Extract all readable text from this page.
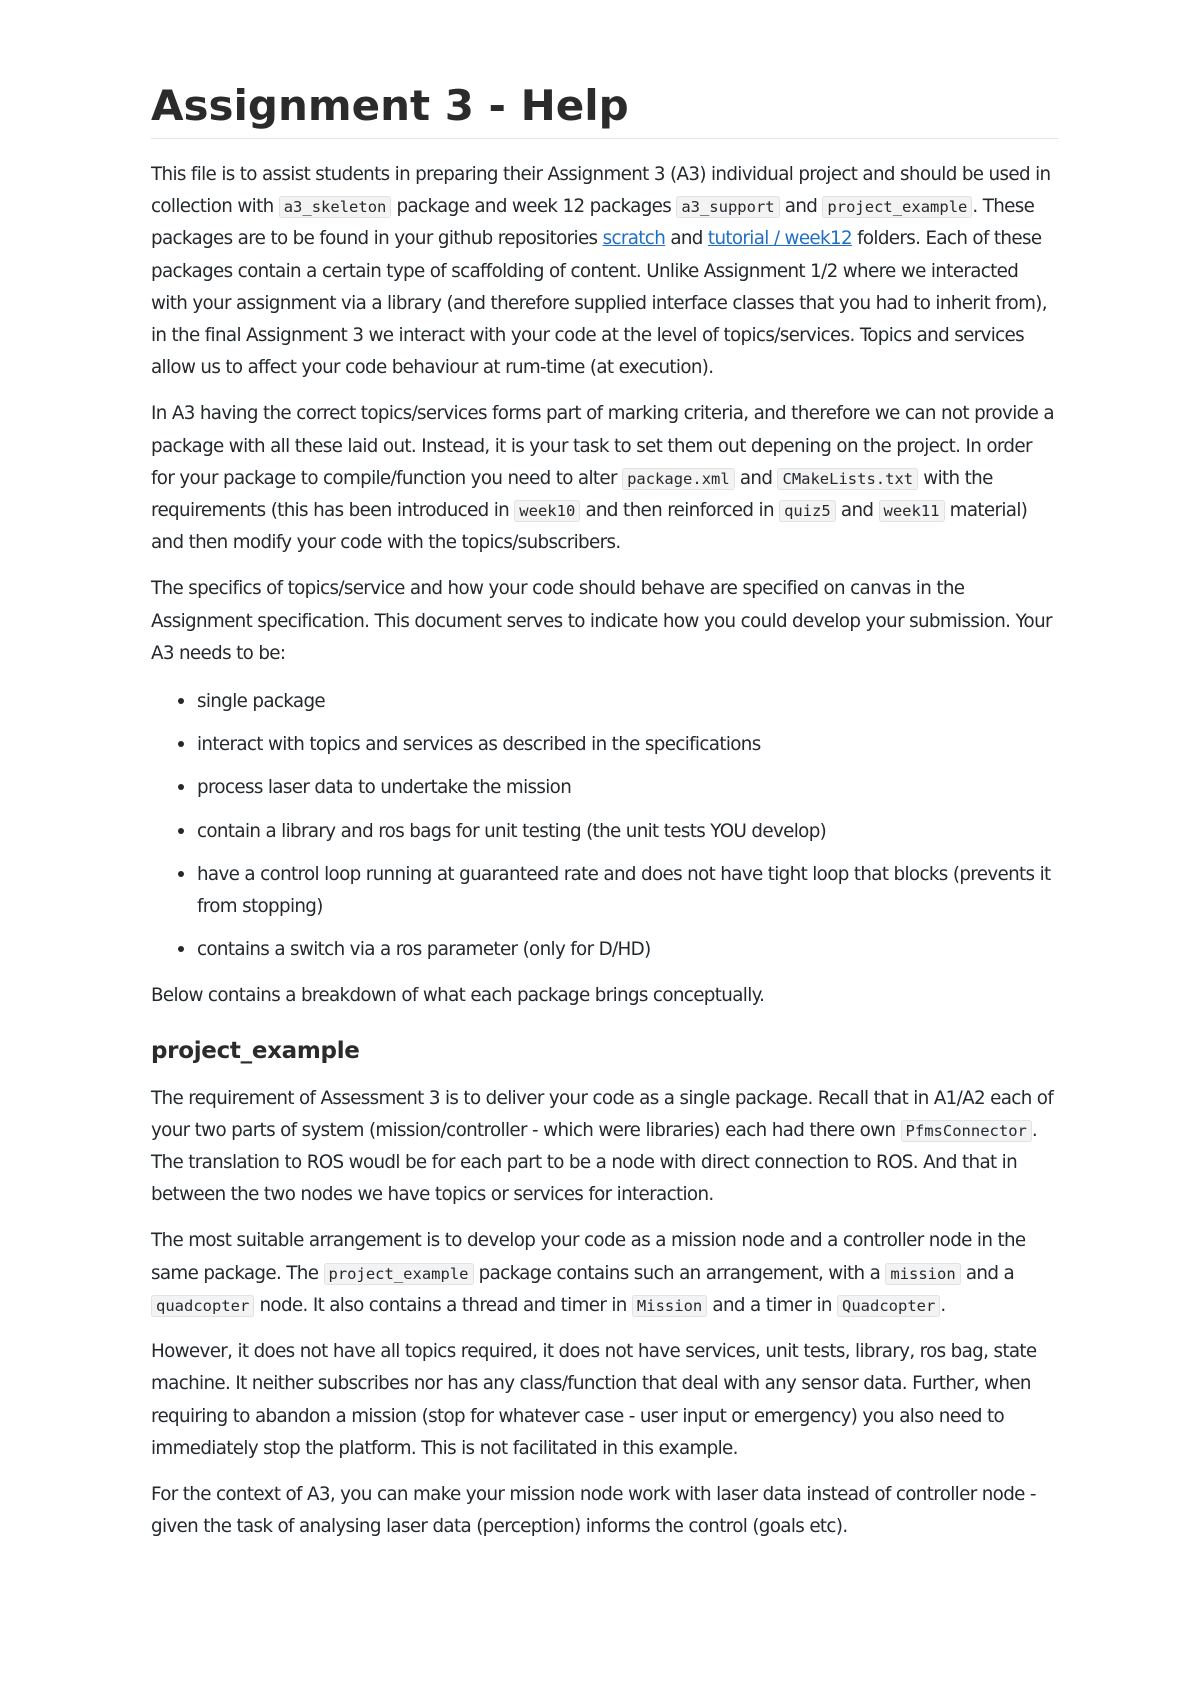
Assignment 3 - Help

This file is to assist students in preparing their Assignment 3 (A3) individual project and should be used in collection with a3_skeleton package and week 12 packages a3_support and project_example . These packages are to be found in your github repositories scratch and tutorial / week12 folders. Each of these packages contain a certain type of scaffolding of content. Unlike Assignment 1/2 where we interacted with your assignment via a library (and therefore supplied interface classes that you had to inherit from), in the final Assignment 3 we interact with your code at the level of topics/services. Topics and services allow us to affect your code behaviour at rum-time (at execution).

In A3 having the correct topics/services forms part of marking criteria, and therefore we can not provide a package with all these laid out. Instead, it is your task to set them out depening on the project. In order for your package to compile/function you need to alter package.xml and CMakeLists.txt with the requirements (this has been introduced in week10 and then reinforced in quiz5 and week11 material) and then modify your code with the topics/subscribers.

The specifics of topics/service and how your code should behave are specified on canvas in the Assignment specification. This document serves to indicate how you could develop your submission. Your A3 needs to be:

• single package
• interact with topics and services as described in the specifications
• process laser data to undertake the mission
• contain a library and ros bags for unit testing (the unit tests YOU develop)
• have a control loop running at guaranteed rate and does not have tight loop that blocks (prevents it from stopping)
• contains a switch via a ros parameter (only for D/HD)

Below contains a breakdown of what each package brings conceptually.

project_example

The requirement of Assessment 3 is to deliver your code as a single package. Recall that in A1/A2 each of your two parts of system (mission/controller - which were libraries) each had there own PfmsConnector . The translation to ROS woudl be for each part to be a node with direct connection to ROS. And that in between the two nodes we have topics or services for interaction.

The most suitable arrangement is to develop your code as a mission node and a controller node in the same package. The project_example package contains such an arrangement, with a mission and a quadcopter node. It also contains a thread and timer in Mission and a timer in Quadcopter .

However, it does not have all topics required, it does not have services, unit tests, library, ros bag, state machine. It neither subscribes nor has any class/function that deal with any sensor data. Further, when requiring to abandon a mission (stop for whatever case - user input or emergency) you also need to immediately stop the platform. This is not facilitated in this example.

For the context of A3, you can make your mission node work with laser data instead of controller node - given the task of analysing laser data (perception) informs the control (goals etc).
